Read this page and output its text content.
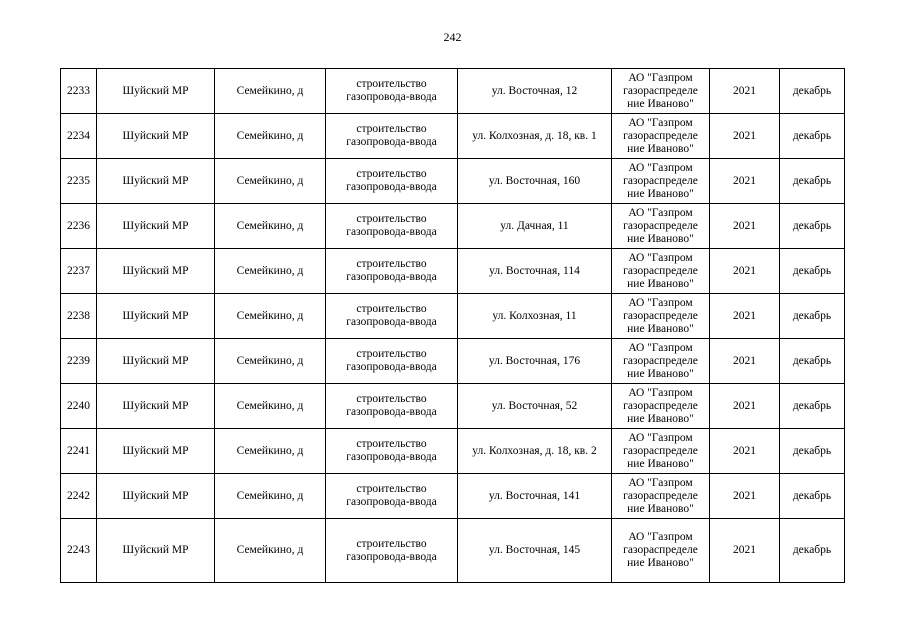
242
2233	Шуйский МР	Семейкино, д	строительство газопровода-ввода	ул. Восточная, 12	АО "Газпром газораспределе ние Иваново"	2021	декабрь
2234	Шуйский МР	Семейкино, д	строительство газопровода-ввода	ул. Колхозная, д. 18, кв. 1	АО "Газпром газораспределе ние Иваново"	2021	декабрь
2235	Шуйский МР	Семейкино, д	строительство газопровода-ввода	ул. Восточная, 160	АО "Газпром газораспределе ние Иваново"	2021	декабрь
2236	Шуйский МР	Семейкино, д	строительство газопровода-ввода	ул. Дачная, 11	АО "Газпром газораспределе ние Иваново"	2021	декабрь
2237	Шуйский МР	Семейкино, д	строительство газопровода-ввода	ул. Восточная, 114	АО "Газпром газораспределе ние Иваново"	2021	декабрь
2238	Шуйский МР	Семейкино, д	строительство газопровода-ввода	ул. Колхозная, 11	АО "Газпром газораспределе ние Иваново"	2021	декабрь
2239	Шуйский МР	Семейкино, д	строительство газопровода-ввода	ул. Восточная, 176	АО "Газпром газораспределе ние Иваново"	2021	декабрь
2240	Шуйский МР	Семейкино, д	строительство газопровода-ввода	ул. Восточная, 52	АО "Газпром газораспределе ние Иваново"	2021	декабрь
2241	Шуйский МР	Семейкино, д	строительство газопровода-ввода	ул. Колхозная, д. 18, кв. 2	АО "Газпром газораспределе ние Иваново"	2021	декабрь
2242	Шуйский МР	Семейкино, д	строительство газопровода-ввода	ул. Восточная, 141	АО "Газпром газораспределе ние Иваново"	2021	декабрь
2243	Шуйский МР	Семейкино, д	строительство газопровода-ввода	ул. Восточная, 145	АО "Газпром газораспределе ние Иваново"	2021	декабрь
